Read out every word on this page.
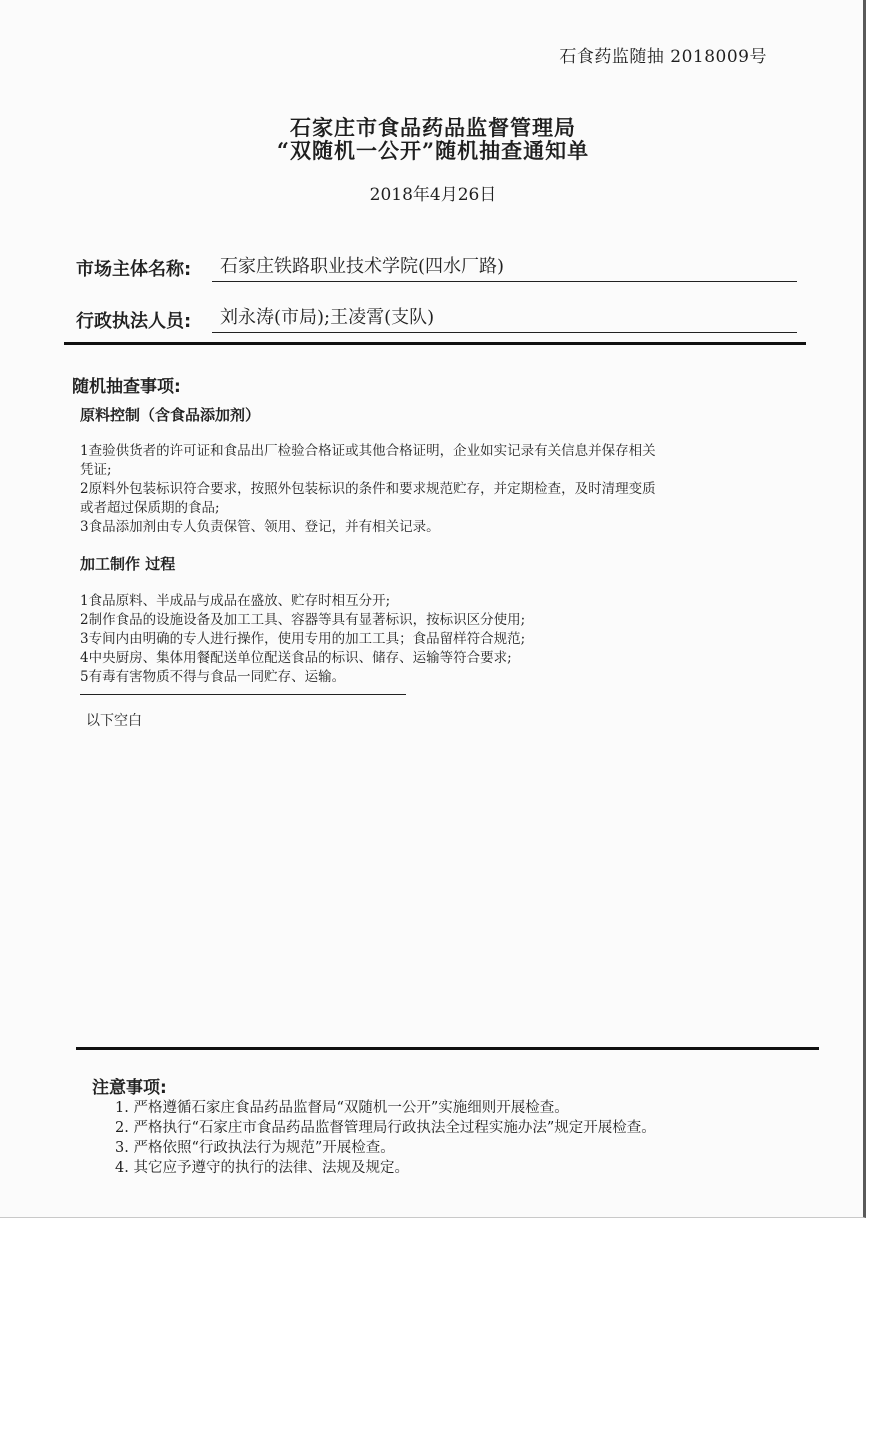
石食药监随抽 2018009号
石家庄市食品药品监督管理局
“双随机一公开”随机抽查通知单
2018年4月26日
市场主体名称: 石家庄铁路职业技术学院(四水厂路)
行政执法人员: 刘永涛(市局);王凌霄(支队)
随机抽查事项:
原料控制（含食品添加剂）

1查验供货者的许可证和食品出厂检验合格证或其他合格证明，企业如实记录有关信息并保存相关

凭证;

2原料外包装标识符合要求，按照外包装标识的条件和要求规范贮存，并定期检查，及时清理变质

或者超过保质期的食品;

3食品添加剂由专人负责保管、领用、登记，并有相关记录。

加工制作 过程

1食品原料、半成品与成品在盛放、贮存时相互分开;

2制作食品的设施设备及加工工具、容器等具有显著标识，按标识区分使用;

3专间内由明确的专人进行操作，使用专用的加工工具；食品留样符合规范;

4中央厨房、集体用餐配送单位配送食品的标识、储存、运输等符合要求;

5有毒有害物质不得与食品一同贮存、运输。

以下空白
注意事项:

1. 严格遵循石家庄食品药品监督局“双随机一公开”实施细则开展检查。

2. 严格执行“石家庄市食品药品监督管理局行政执法全过程实施办法”规定开展检查。

3. 严格依照“行政执法行为规范”开展检查。

4. 其它应予遵守的执行的法律、法规及规定。
